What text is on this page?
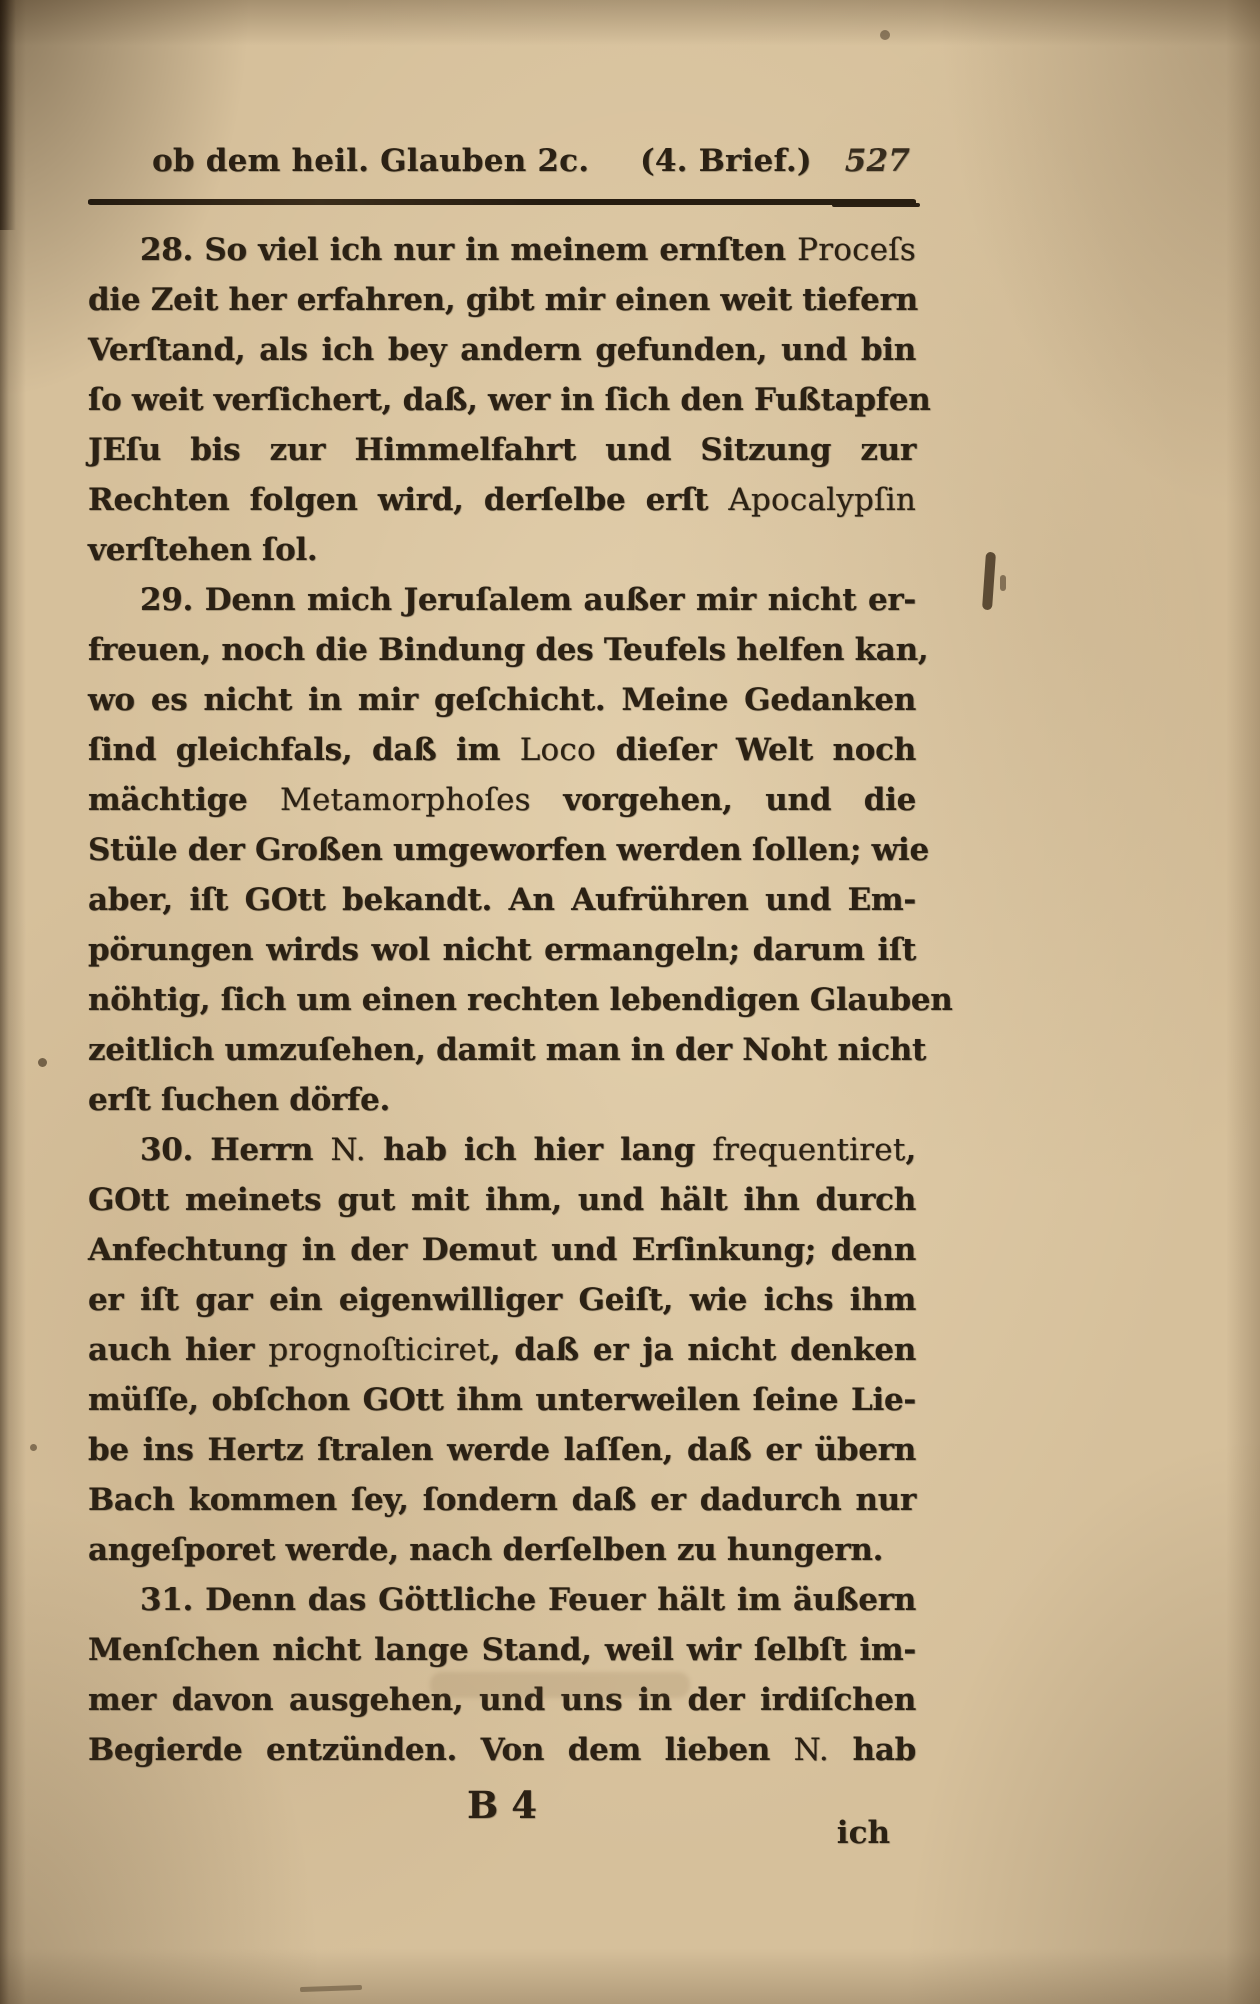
ob dem heil. Glauben 2c. (4. Brief.) 527
28. So viel ich nur in meinem ernſten Proceſs
die Zeit her erfahren, gibt mir einen weit tiefern
Verſtand, als ich bey andern gefunden, und bin
ſo weit verſichert, daß, wer in ſich den Fußtapfen
JEſu bis zur Himmelfahrt und Sitzung zur
Rechten folgen wird, derſelbe erſt Apocalypſin
verſtehen ſol.
29. Denn mich Jeruſalem außer mir nicht er-
freuen, noch die Bindung des Teufels helfen kan,
wo es nicht in mir geſchicht. Meine Gedanken
ſind gleichfals, daß im Loco dieſer Welt noch
mächtige Metamorphoſes vorgehen, und die
Stüle der Großen umgeworfen werden ſollen; wie
aber, iſt GOtt bekandt. An Aufrühren und Em-
pörungen wirds wol nicht ermangeln; darum iſt
nöhtig, ſich um einen rechten lebendigen Glauben
zeitlich umzuſehen, damit man in der Noht nicht
erſt ſuchen dörfe.
30. Herrn N. hab ich hier lang frequentiret,
GOtt meinets gut mit ihm, und hält ihn durch
Anfechtung in der Demut und Erſinkung; denn
er iſt gar ein eigenwilliger Geiſt, wie ichs ihm
auch hier prognoſticiret, daß er ja nicht denken
müſſe, obſchon GOtt ihm unterweilen ſeine Lie-
be ins Hertz ſtralen werde laſſen, daß er übern
Bach kommen ſey, ſondern daß er dadurch nur
angeſporet werde, nach derſelben zu hungern.
31. Denn das Göttliche Feuer hält im äußern
Menſchen nicht lange Stand, weil wir ſelbſt im-
mer davon ausgehen, und uns in der irdiſchen
Begierde entzünden. Von dem lieben N. hab
B 4
ich
